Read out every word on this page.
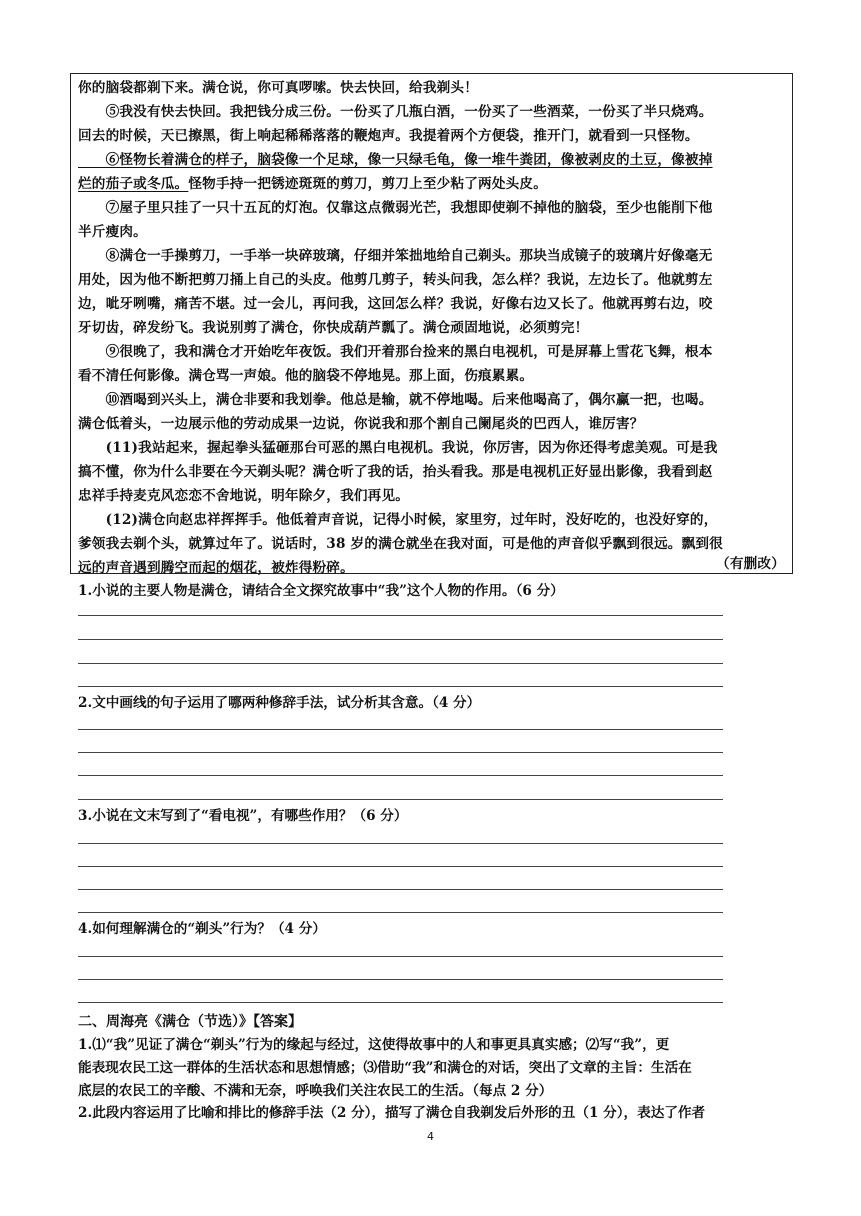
你的脑袋都剃下来。满仓说，你可真啰嗦。快去快回，给我剃头！
　　⑤我没有快去快回。我把钱分成三份。一份买了几瓶白酒，一份买了一些酒菜，一份买了半只烧鸡。
回去的时候，天已擦黑，街上响起稀稀落落的鞭炮声。我提着两个方便袋，推开门，就看到一只怪物。
　　⑥怪物长着满仓的样子，脑袋像一个足球，像一只绿毛龟，像一堆牛粪团，像被剥皮的土豆，像被掉
烂的茄子或冬瓜。怪物手持一把锈迹斑斑的剪刀，剪刀上至少粘了两处头皮。
　　⑦屋子里只挂了一只十五瓦的灯泡。仅靠这点微弱光芒，我想即使剃不掉他的脑袋，至少也能削下他
半斤瘦肉。
　　⑧满仓一手操剪刀，一手举一块碎玻璃，仔细并笨拙地给自己剃头。那块当成镜子的玻璃片好像毫无
用处，因为他不断把剪刀捅上自己的头皮。他剪几剪子，转头问我，怎么样？我说，左边长了。他就剪左
边，呲牙咧嘴，痛苦不堪。过一会儿，再问我，这回怎么样？我说，好像右边又长了。他就再剪右边，咬
牙切齿，碎发纷飞。我说别剪了满仓，你快成葫芦瓢了。满仓顽固地说，必须剪完！
　　⑨很晚了，我和满仓才开始吃年夜饭。我们开着那台捡来的黑白电视机，可是屏幕上雪花飞舞，根本
看不清任何影像。满仓骂一声娘。他的脑袋不停地晃。那上面，伤痕累累。
　　⑩酒喝到兴头上，满仓非要和我划拳。他总是输，就不停地喝。后来他喝高了，偶尔赢一把，也喝。
满仓低着头，一边展示他的劳动成果一边说，你说我和那个割自己阑尾炎的巴西人，谁厉害？
　　(11)我站起来，握起拳头猛砸那台可恶的黑白电视机。我说，你厉害，因为你还得考虑美观。可是我
搞不懂，你为什么非要在今天剃头呢？满仓听了我的话，抬头看我。那是电视机正好显出影像，我看到赵
忠祥手持麦克风恋恋不舍地说，明年除夕，我们再见。
　　(12)满仓向赵忠祥挥挥手。他低着声音说，记得小时候，家里穷，过年时，没好吃的，也没好穿的，
爹领我去剃个头，就算过年了。说话时，38 岁的满仓就坐在我对面，可是他的声音似乎飘到很远。飘到很
远的声音遇到腾空而起的烟花，被炸得粉碎。	（有删改）
1.小说的主要人物是满仓，请结合全文探究故事中“我”这个人物的作用。（6 分）
2.文中画线的句子运用了哪两种修辞手法，试分析其含意。（4 分）
3.小说在文末写到了“看电视”，有哪些作用？（6 分）
4.如何理解满仓的“剃头”行为？（4 分）
二、周海亮《满仓（节选）》【答案】
1.⑴“我”见证了满仓“剃头”行为的缘起与经过，这使得故事中的人和事更具真实感；⑵写“我”，更
能表现农民工这一群体的生活状态和思想情感；⑶借助“我”和满仓的对话，突出了文章的主旨：生活在
底层的农民工的辛酸、不满和无奈，呼唤我们关注农民工的生活。（每点 2 分）
2.此段内容运用了比喻和排比的修辞手法（2 分），描写了满仓自我剃发后外形的丑（1 分），表达了作者
4
